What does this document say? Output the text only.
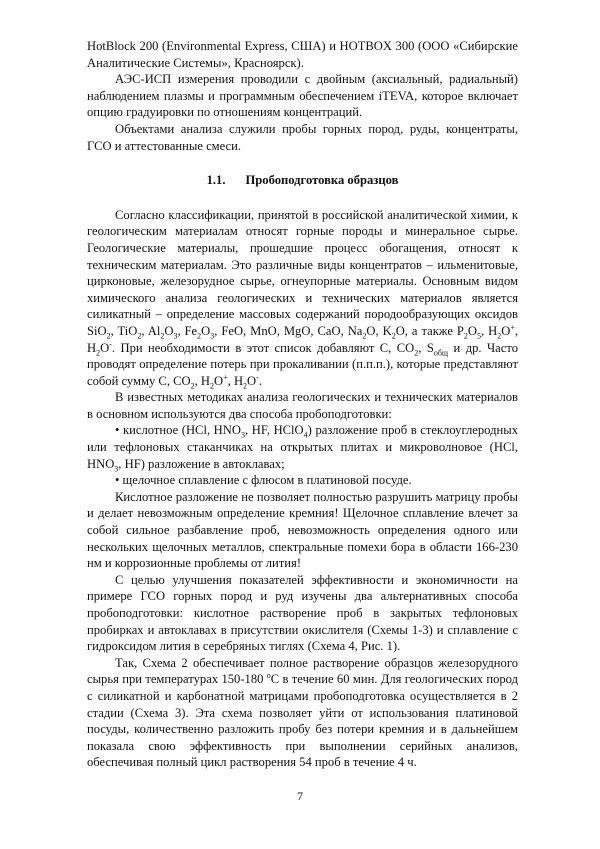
HotBlock 200 (Environmental Express, США) и HOTBOX 300 (ООО «Сибирские Аналитические Системы», Красноярск).

АЭС-ИСП измерения проводили с двойным (аксиальный, радиальный) наблюдением плазмы и программным обеспечением iTEVA, которое включает опцию градуировки по отношениям концентраций.

Объектами анализа служили пробы горных пород, руды, концентраты, ГСО и аттестованные смеси.

1.1. Пробоподготовка образцов

Согласно классификации, принятой в российской аналитической химии, к геологическим материалам относят горные породы и минеральное сырье. Геологические материалы, прошедшие процесс обогащения, относят к техническим материалам. Это различные виды концентратов – ильменитовые, цирконовые, железорудное сырье, огнеупорные материалы. Основным видом химического анализа геологических и технических материалов является силикатный – определение массовых содержаний породообразующих оксидов SiO$_2$, TiO$_2$, $Al_2O_3$, $Fe_2O_3$, FeO, MnO, MgO, CaO, $Na_2O$, $K_2O$, а также $P_2O_5$, $H_2O^+$, $H_2O^-$. При необходимости в этот список добавляют C, $CO_2$, $S_{общ}$ и др. Часто проводят определение потерь при прокаливании (п.п.п.), которые представляют собой сумму C, $CO_2$, $H_2O^+$, $H_2O^-$.

В известных методиках анализа геологических и технических материалов в основном используются два способа пробоподготовки:

• кислотное (HCl, $HNO_3$, HF, HClO$_4$) разложение проб в стеклоуглеродных или тефлоновых стаканчиках на открытых плитах и микроволновое (HCl, $HNO_3$, HF) разложение в автоклавах;

• щелочное сплавление с флюсом в платиновой посуде.

Кислотное разложение не позволяет полностью разрушить матрицу пробы и делает невозможным определение кремния! Щелочное сплавление влечет за собой сильное разбавление проб, невозможность определения одного или нескольких щелочных металлов, спектральные помехи бора в области 166-230 нм и коррозионные проблемы от лития!

С целью улучшения показателей эффективности и экономичности на примере ГСО горных пород и руд изучены два альтернативных способа пробоподготовки: кислотное растворение проб в закрытых тефлоновых пробирках и автоклавах в присутствии окислителя (Схемы 1-3) и сплавление с гидроксидом лития в серебряных тиглях (Схема 4, Рис. 1).

Так, Схема 2 обеспечивает полное растворение образцов железорудного сырья при температурах 150-180 $^о$С в течение 60 мин. Для геологических пород с силикатной и карбонатной матрицами пробоподготовка осуществляется в 2 стадии (Схема 3). Эта схема позволяет уйти от использования платиновой посуды, количественно разложить пробу без потери кремния и в дальнейшем показала свою эффективность при выполнении серийных анализов, обеспечивая полный цикл растворения 54 проб в течение 4 ч.

7
